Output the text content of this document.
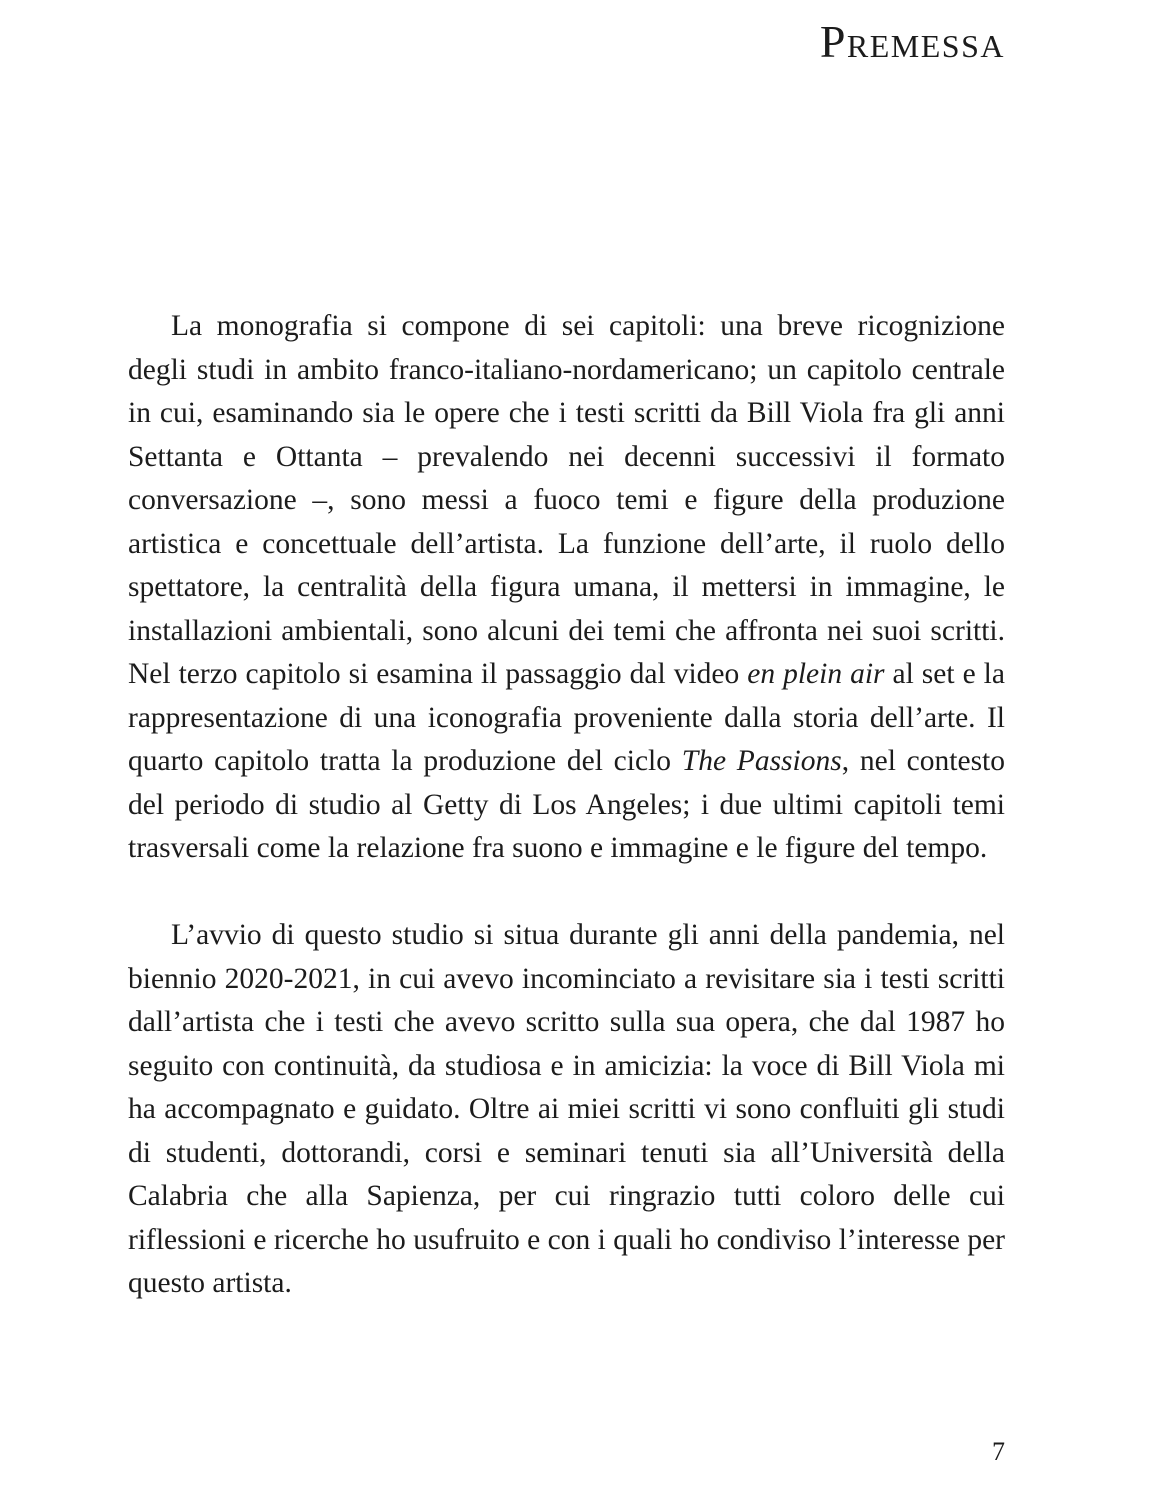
Premessa

La monografia si compone di sei capitoli: una breve ricognizione degli studi in ambito franco-italiano-nordamericano; un capitolo centrale in cui, esaminando sia le opere che i testi scritti da Bill Viola fra gli anni Settanta e Ottanta – prevalendo nei decenni successivi il formato conversazione –, sono messi a fuoco temi e figure della produzione artistica e concettuale dell’artista. La funzione dell’arte, il ruolo dello spettatore, la centralità della figura umana, il mettersi in immagine, le installazioni ambientali, sono alcuni dei temi che affronta nei suoi scritti. Nel terzo capitolo si esamina il passaggio dal video en plein air al set e la rappresentazione di una iconografia proveniente dalla storia dell’arte. Il quarto capitolo tratta la produzione del ciclo The Passions, nel contesto del periodo di studio al Getty di Los Angeles; i due ultimi capitoli temi trasversali come la relazione fra suono e immagine e le figure del tempo.

L’avvio di questo studio si situa durante gli anni della pandemia, nel biennio 2020-2021, in cui avevo incominciato a revisitare sia i testi scritti dall’artista che i testi che avevo scritto sulla sua opera, che dal 1987 ho seguito con continuità, da studiosa e in amicizia: la voce di Bill Viola mi ha accompagnato e guidato. Oltre ai miei scritti vi sono confluiti gli studi di studenti, dottorandi, corsi e seminari tenuti sia all’Università della Calabria che alla Sapienza, per cui ringrazio tutti coloro delle cui riflessioni e ricerche ho usufruito e con i quali ho condiviso l’interesse per questo artista.

7
